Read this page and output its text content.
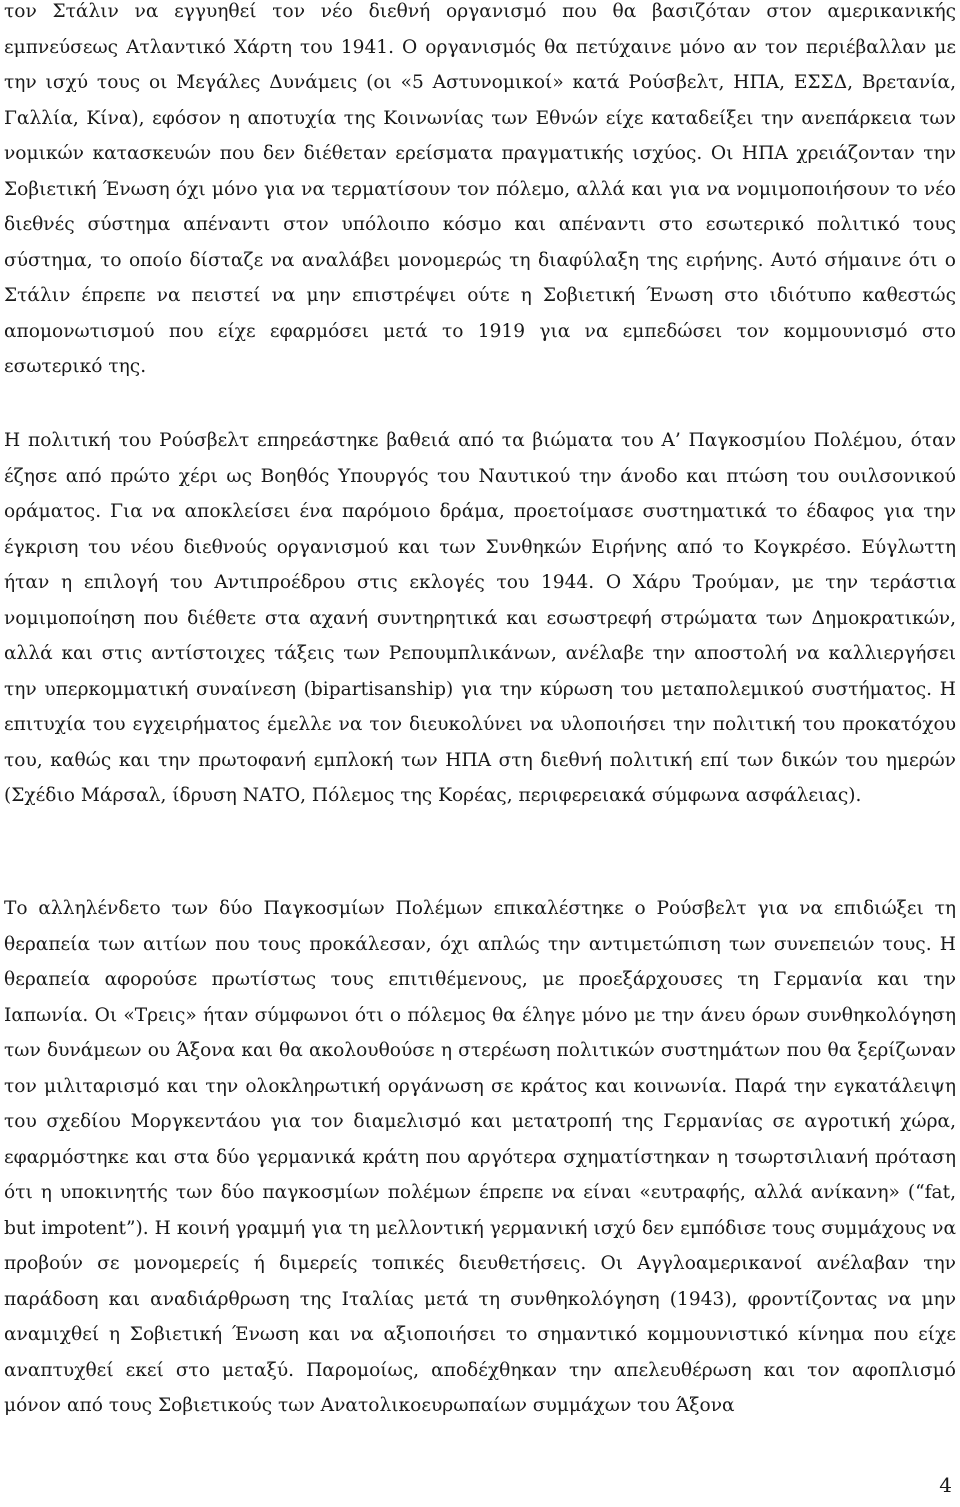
τον Στάλιν να εγγυηθεί τον νέο διεθνή οργανισμό που θα βασιζόταν στον αμερικανικής εμπνεύσεως Ατλαντικό Χάρτη του 1941. Ο οργανισμός θα πετύχαινε μόνο αν τον περιέβαλλαν με την ισχύ τους οι Μεγάλες Δυνάμεις (οι «5 Αστυνομικοί» κατά Ρούσβελτ, ΗΠΑ, ΕΣΣΔ, Βρετανία, Γαλλία, Κίνα), εφόσον η αποτυχία της Κοινωνίας των Εθνών είχε καταδείξει την ανεπάρκεια των νομικών κατασκευών που δεν διέθεταν ερείσματα πραγματικής ισχύος. Οι ΗΠΑ χρειάζονταν την Σοβιετική Ένωση όχι μόνο για να τερματίσουν τον πόλεμο, αλλά και για να νομιμοποιήσουν το νέο διεθνές σύστημα απέναντι στον υπόλοιπο κόσμο και απέναντι στο εσωτερικό πολιτικό τους σύστημα, το οποίο δίσταζε να αναλάβει μονομερώς τη διαφύλαξη της ειρήνης. Αυτό σήμαινε ότι ο Στάλιν έπρεπε να πειστεί να μην επιστρέψει ούτε η Σοβιετική Ένωση στο ιδιότυπο καθεστώς απομονωτισμού που είχε εφαρμόσει μετά το 1919 για να εμπεδώσει τον κομμουνισμό στο εσωτερικό της.

Η πολιτική του Ρούσβελτ επηρεάστηκε βαθειά από τα βιώματα του Α’ Παγκοσμίου Πολέμου, όταν έζησε από πρώτο χέρι ως Βοηθός Υπουργός του Ναυτικού την άνοδο και πτώση του ουιλσονικού οράματος. Για να αποκλείσει ένα παρόμοιο δράμα, προετοίμασε συστηματικά το έδαφος για την έγκριση του νέου διεθνούς οργανισμού και των Συνθηκών Ειρήνης από το Κογκρέσο. Εύγλωττη ήταν η επιλογή του Αντιπροέδρου στις εκλογές του 1944. Ο Χάρυ Τρούμαν, με την τεράστια νομιμοποίηση που διέθετε στα αχανή συντηρητικά και εσωστρεφή στρώματα των Δημοκρατικών, αλλά και στις αντίστοιχες τάξεις των Ρεπουμπλικάνων, ανέλαβε την αποστολή να καλλιεργήσει την υπερκομματική συναίνεση (bipartisanship) για την κύρωση του μεταπολεμικού συστήματος. Η επιτυχία του εγχειρήματος έμελλε να τον διευκολύνει να υλοποιήσει την πολιτική του προκατόχου του, καθώς και την πρωτοφανή εμπλοκή των ΗΠΑ στη διεθνή πολιτική επί των δικών του ημερών (Σχέδιο Μάρσαλ, ίδρυση ΝΑΤΟ, Πόλεμος της Κορέας, περιφερειακά σύμφωνα ασφάλειας).

Το αλληλένδετο των δύο Παγκοσμίων Πολέμων επικαλέστηκε ο Ρούσβελτ για να επιδιώξει τη θεραπεία των αιτίων που τους προκάλεσαν, όχι απλώς την αντιμετώπιση των συνεπειών τους. Η θεραπεία αφορούσε πρωτίστως τους επιτιθέμενους, με προεξάρχουσες τη Γερμανία και την Ιαπωνία. Οι «Τρεις» ήταν σύμφωνοι ότι ο πόλεμος θα έληγε μόνο με την άνευ όρων συνθηκολόγηση των δυνάμεων ου Άξονα και θα ακολουθούσε η στερέωση πολιτικών συστημάτων που θα ξερίζωναν τον μιλιταρισμό και την ολοκληρωτική οργάνωση σε κράτος και κοινωνία. Παρά την εγκατάλειψη του σχεδίου Μοργκεντάου για τον διαμελισμό και μετατροπή της Γερμανίας σε αγροτική χώρα, εφαρμόστηκε και στα δύο γερμανικά κράτη που αργότερα σχηματίστηκαν η τσωρτσιλιανή πρόταση ότι η υποκινητής των δύο παγκοσμίων πολέμων έπρεπε να είναι «ευτραφής, αλλά ανίκανη» (“fat, but impotent”). Η κοινή γραμμή για τη μελλοντική γερμανική ισχύ δεν εμπόδισε τους συμμάχους να προβούν σε μονομερείς ή διμερείς τοπικές διευθετήσεις. Οι Αγγλοαμερικανοί ανέλαβαν την παράδοση και αναδιάρθρωση της Ιταλίας μετά τη συνθηκολόγηση (1943), φροντίζοντας να μην αναμιχθεί η Σοβιετική Ένωση και να αξιοποιήσει το σημαντικό κομμουνιστικό κίνημα που είχε αναπτυχθεί εκεί στο μεταξύ. Παρομοίως, αποδέχθηκαν την απελευθέρωση και τον αφοπλισμό μόνον από τους Σοβιετικούς των Ανατολικοευρωπαίων συμμάχων του Άξονα

4
